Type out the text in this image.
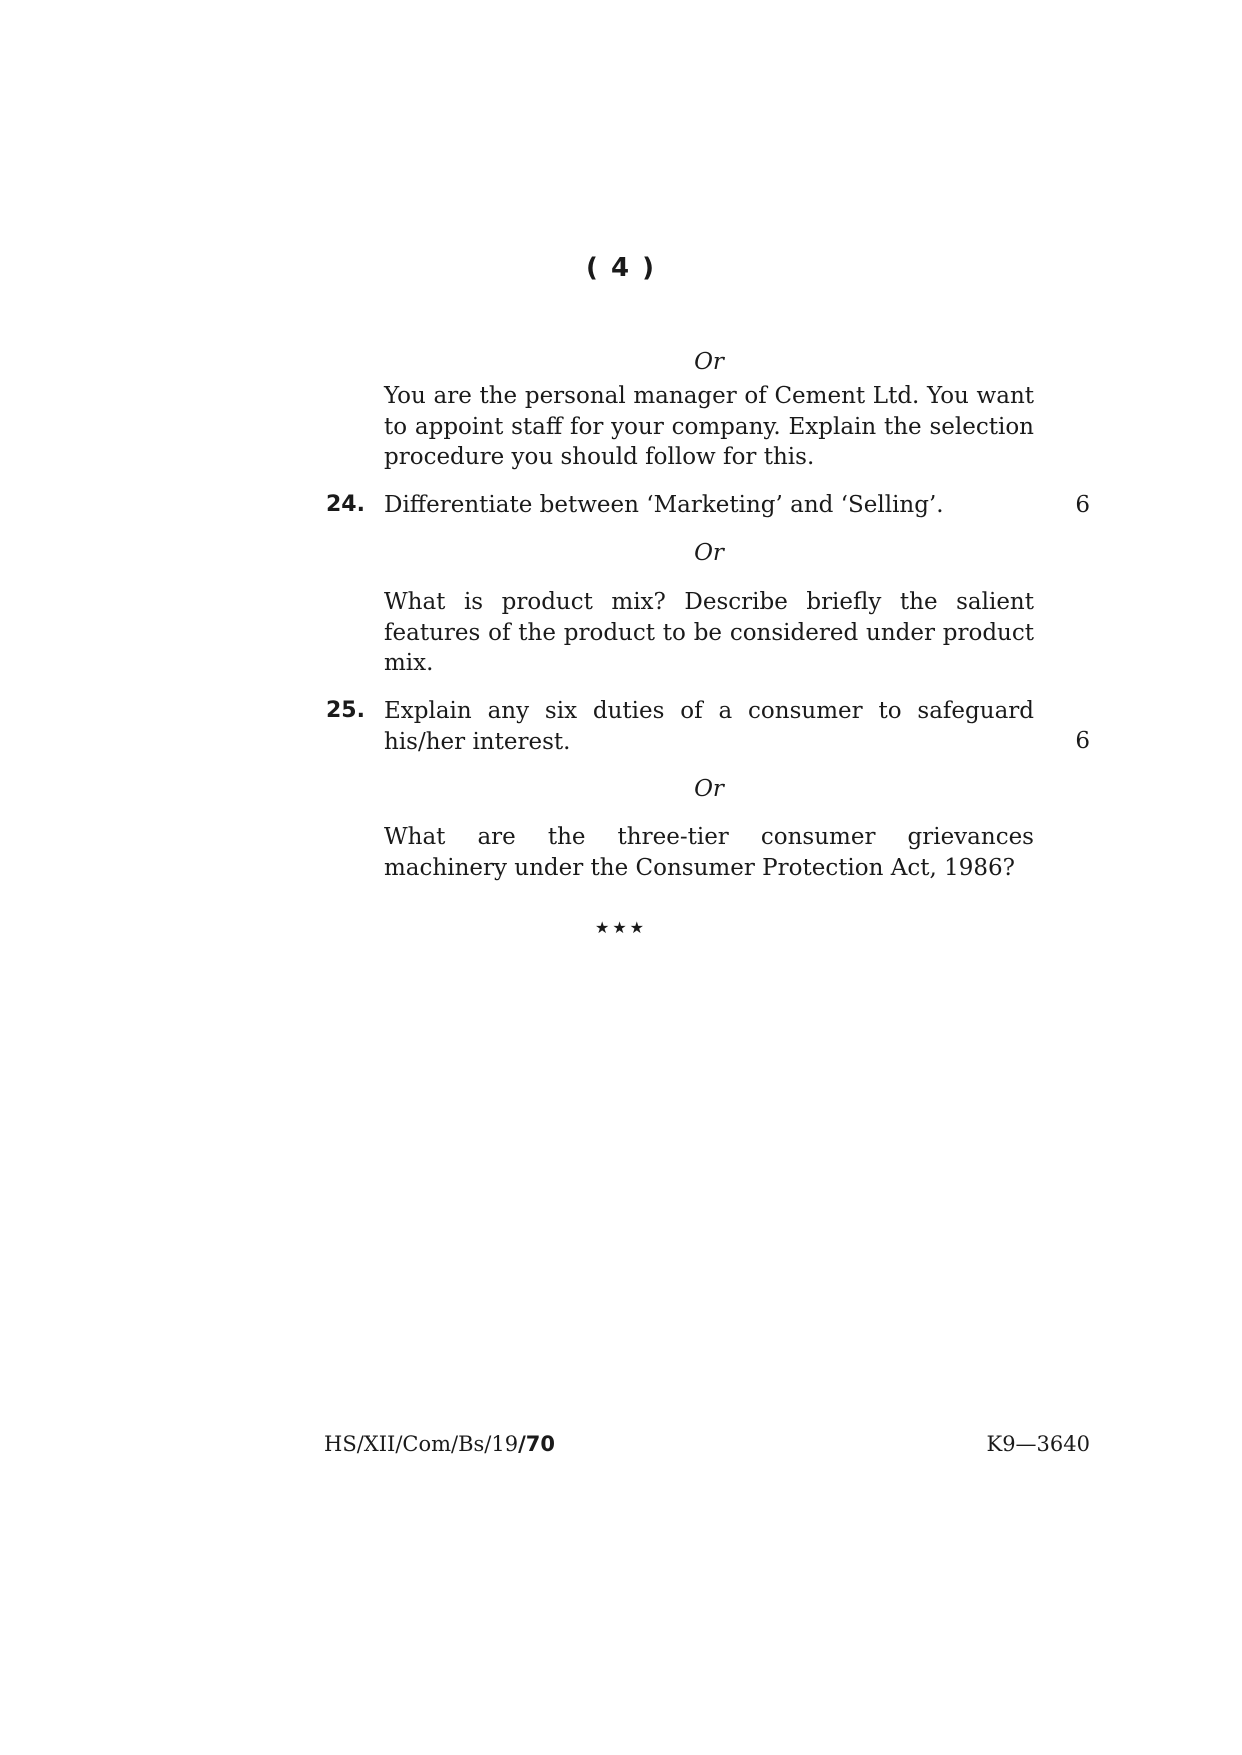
( 4 )
Or
You are the personal manager of Cement Ltd. You want to appoint staff for your company. Explain the selection procedure you should follow for this.
24. Differentiate between ‘Marketing’ and ‘Selling’.	6
Or
What is product mix? Describe briefly the salient features of the product to be considered under product mix.
25. Explain any six duties of a consumer to safeguard his/her interest.	6
Or
What are the three-tier consumer grievances machinery under the Consumer Protection Act, 1986?
★★★
HS/XII/Com/Bs/19/70	K9—3640
